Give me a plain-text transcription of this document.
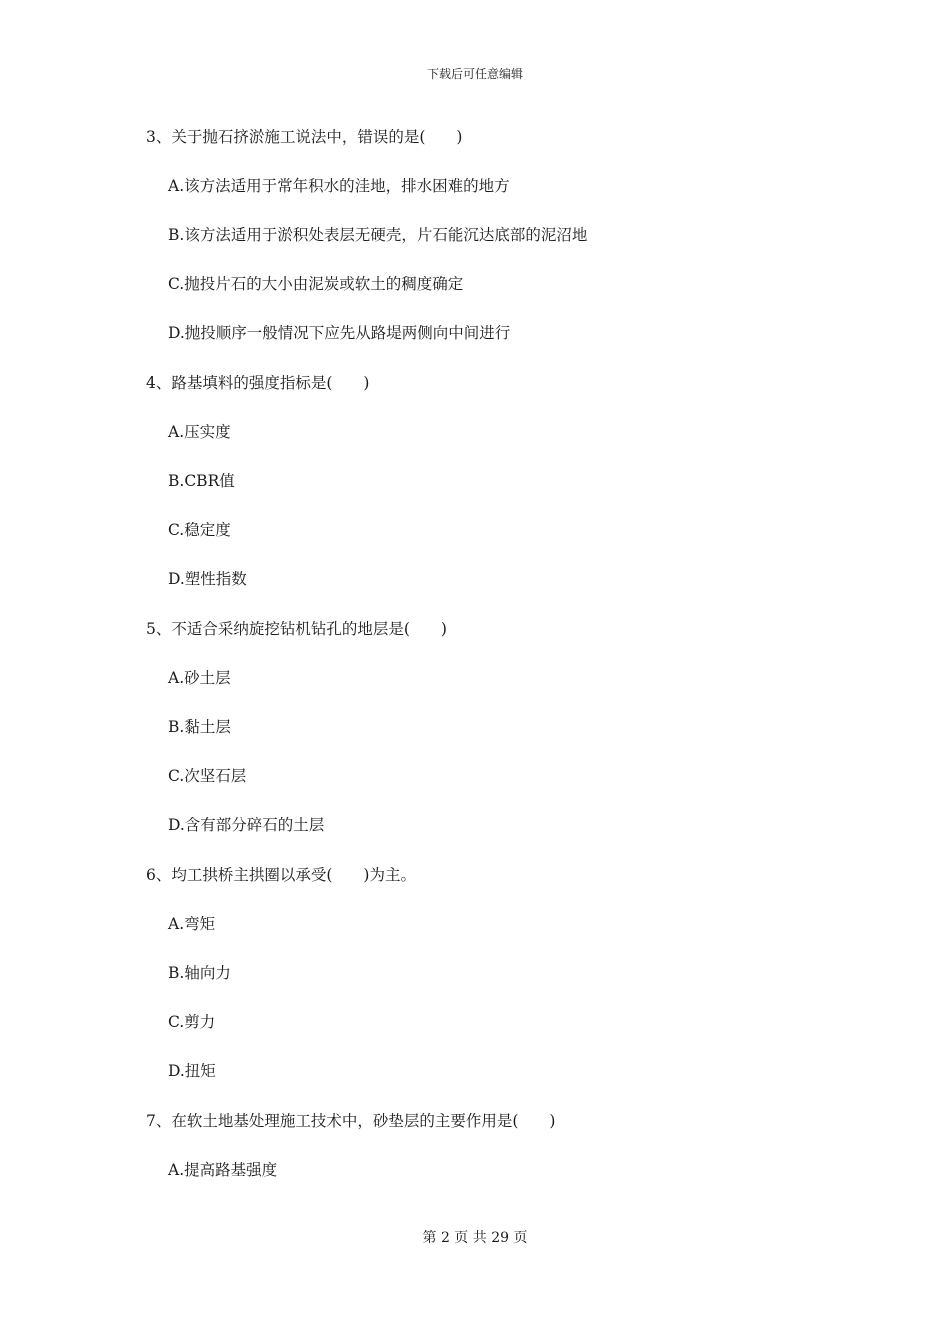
下载后可任意编辑
3、关于抛石挤淤施工说法中，错误的是(　　)
A.该方法适用于常年积水的洼地，排水困难的地方
B.该方法适用于淤积处表层无硬壳，片石能沉达底部的泥沼地
C.抛投片石的大小由泥炭或软土的稠度确定
D.抛投顺序一般情况下应先从路堤两侧向中间进行
4、路基填料的强度指标是(　　)
A.压实度
B.CBR值
C.稳定度
D.塑性指数
5、不适合采纳旋挖钻机钻孔的地层是(　　)
A.砂土层
B.黏土层
C.次坚石层
D.含有部分碎石的土层
6、均工拱桥主拱圈以承受(　　)为主。
A.弯矩
B.轴向力
C.剪力
D.扭矩
7、在软土地基处理施工技术中，砂垫层的主要作用是(　　)
A.提高路基强度
第 2 页 共 29 页
